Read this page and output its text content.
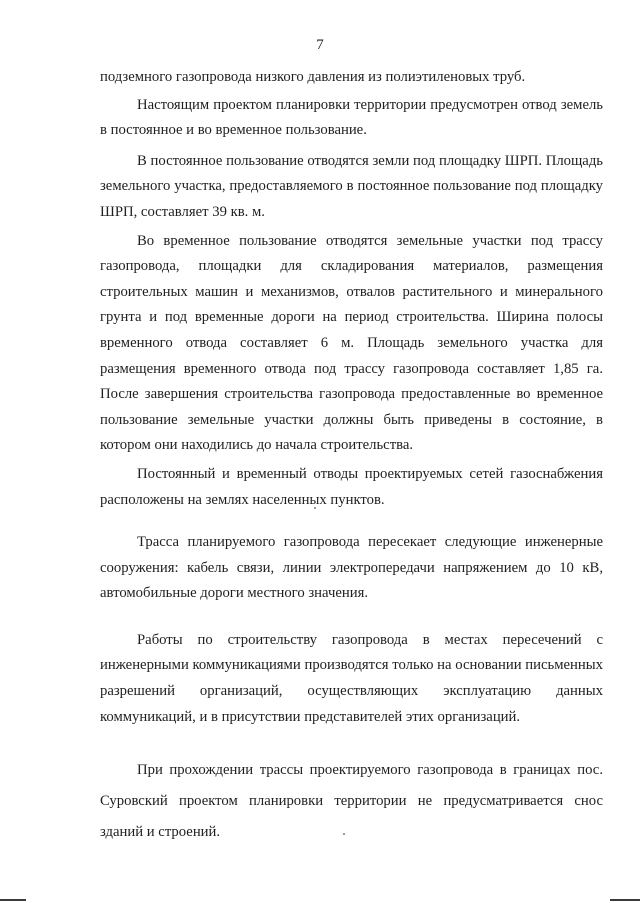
7

подземного газопровода низкого давления из полиэтиленовых труб.

Настоящим проектом планировки территории предусмотрен отвод земель в постоянное и во временное пользование.

В постоянное пользование отводятся земли под площадку ШРП. Площадь земельного участка, предоставляемого в постоянное пользование под площадку ШРП, составляет 39 кв. м.

Во временное пользование отводятся земельные участки под трассу газопровода, площадки для складирования материалов, размещения строительных машин и механизмов, отвалов растительного и минерального грунта и под временные дороги на период строительства. Ширина полосы временного отвода составляет 6 м. Площадь земельного участка для размещения временного отвода под трассу газопровода составляет 1,85 га. После завершения строительства газопровода предоставленные во временное пользование земельные участки должны быть приведены в состояние, в котором они находились до начала строительства.

Постоянный и временный отводы проектируемых сетей газоснабжения расположены на землях населенных пунктов.

Трасса планируемого газопровода пересекает следующие инженерные сооружения: кабель связи, линии электропередачи напряжением до 10 кВ, автомобильные дороги местного значения.

Работы по строительству газопровода в местах пересечений с инженерными коммуникациями производятся только на основании письменных разрешений организаций, осуществляющих эксплуатацию данных коммуникаций, и в присутствии представителей этих организаций.

При прохождении трассы проектируемого газопровода в границах пос. Суровский проектом планировки территории не предусматривается снос зданий и строений.
